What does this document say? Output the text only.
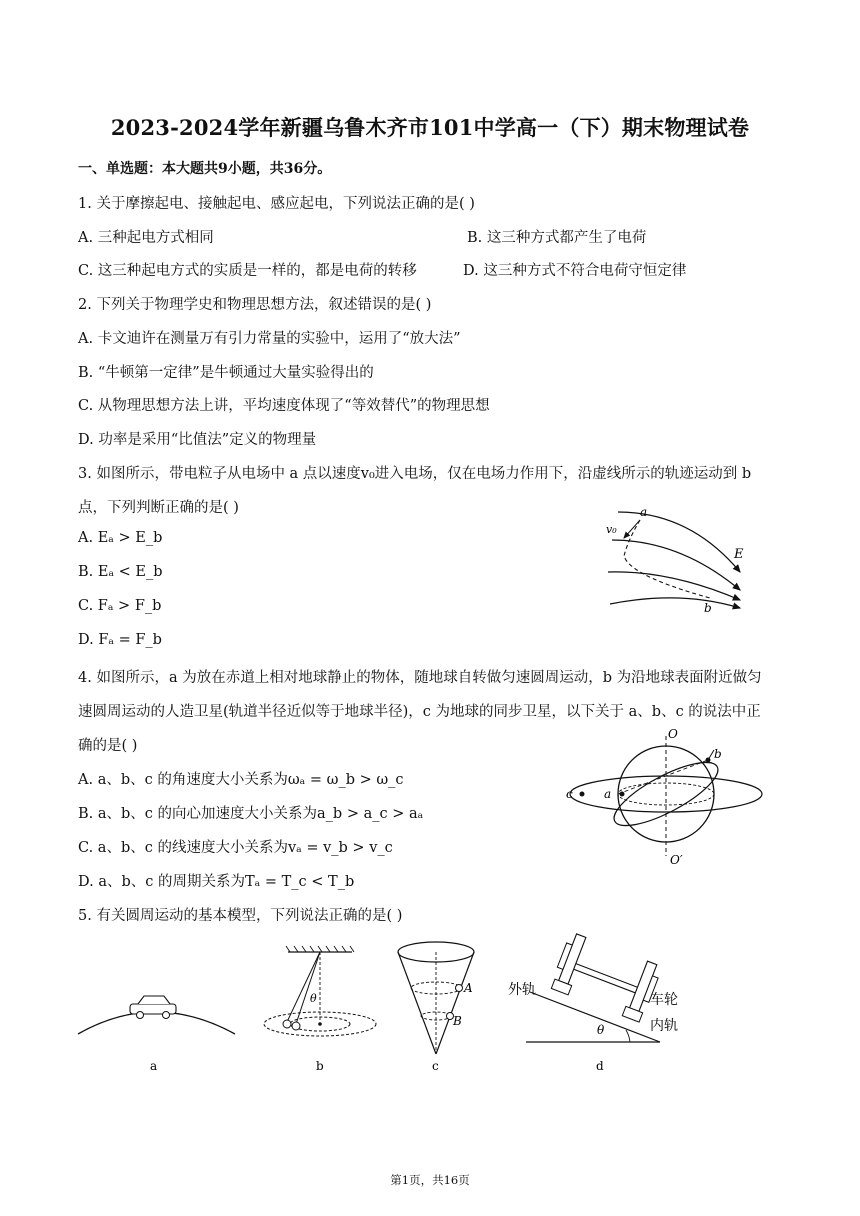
2023-2024学年新疆乌鲁木齐市101中学高一（下）期末物理试卷
一、单选题：本大题共9小题，共36分。
1. 关于摩擦起电、接触起电、感应起电，下列说法正确的是( )
A. 三种起电方式相同	B. 这三种方式都产生了电荷
C. 这三种起电方式的实质是一样的，都是电荷的转移	D. 这三种方式不符合电荷守恒定律
2. 下列关于物理学史和物理思想方法，叙述错误的是( )
A. 卡文迪许在测量万有引力常量的实验中，运用了“放大法”
B. “牛顿第一定律”是牛顿通过大量实验得出的
C. 从物理思想方法上讲，平均速度体现了“等效替代”的物理思想
D. 功率是采用“比值法”定义的物理量
3. 如图所示，带电粒子从电场中 a 点以速度v₀进入电场，仅在电场力作用下，沿虚线所示的轨迹运动到 b
点，下列判断正确的是( )
A. Eₐ > E_b
B. Eₐ < E_b
C. Fₐ > F_b
D. Fₐ = F_b
a
v₀
E
b
4. 如图所示，a 为放在赤道上相对地球静止的物体，随地球自转做匀速圆周运动，b 为沿地球表面附近做匀
速圆周运动的人造卫星(轨道半径近似等于地球半径)，c 为地球的同步卫星，以下关于 a、b、c 的说法中正
确的是( )
A. a、b、c 的角速度大小关系为ωₐ = ω_b > ω_c
B. a、b、c 的向心加速度大小关系为a_b > a_c > aₐ
C. a、b、c 的线速度大小关系为vₐ = v_b > v_c
D. a、b、c 的周期关系为Tₐ = T_c < T_b
O
O′
c	a
b
5. 有关圆周运动的基本模型，下列说法正确的是( )
a
θ
b
A
B
c
θ
外轨
车轮
内轨
d
第1页，共16页
